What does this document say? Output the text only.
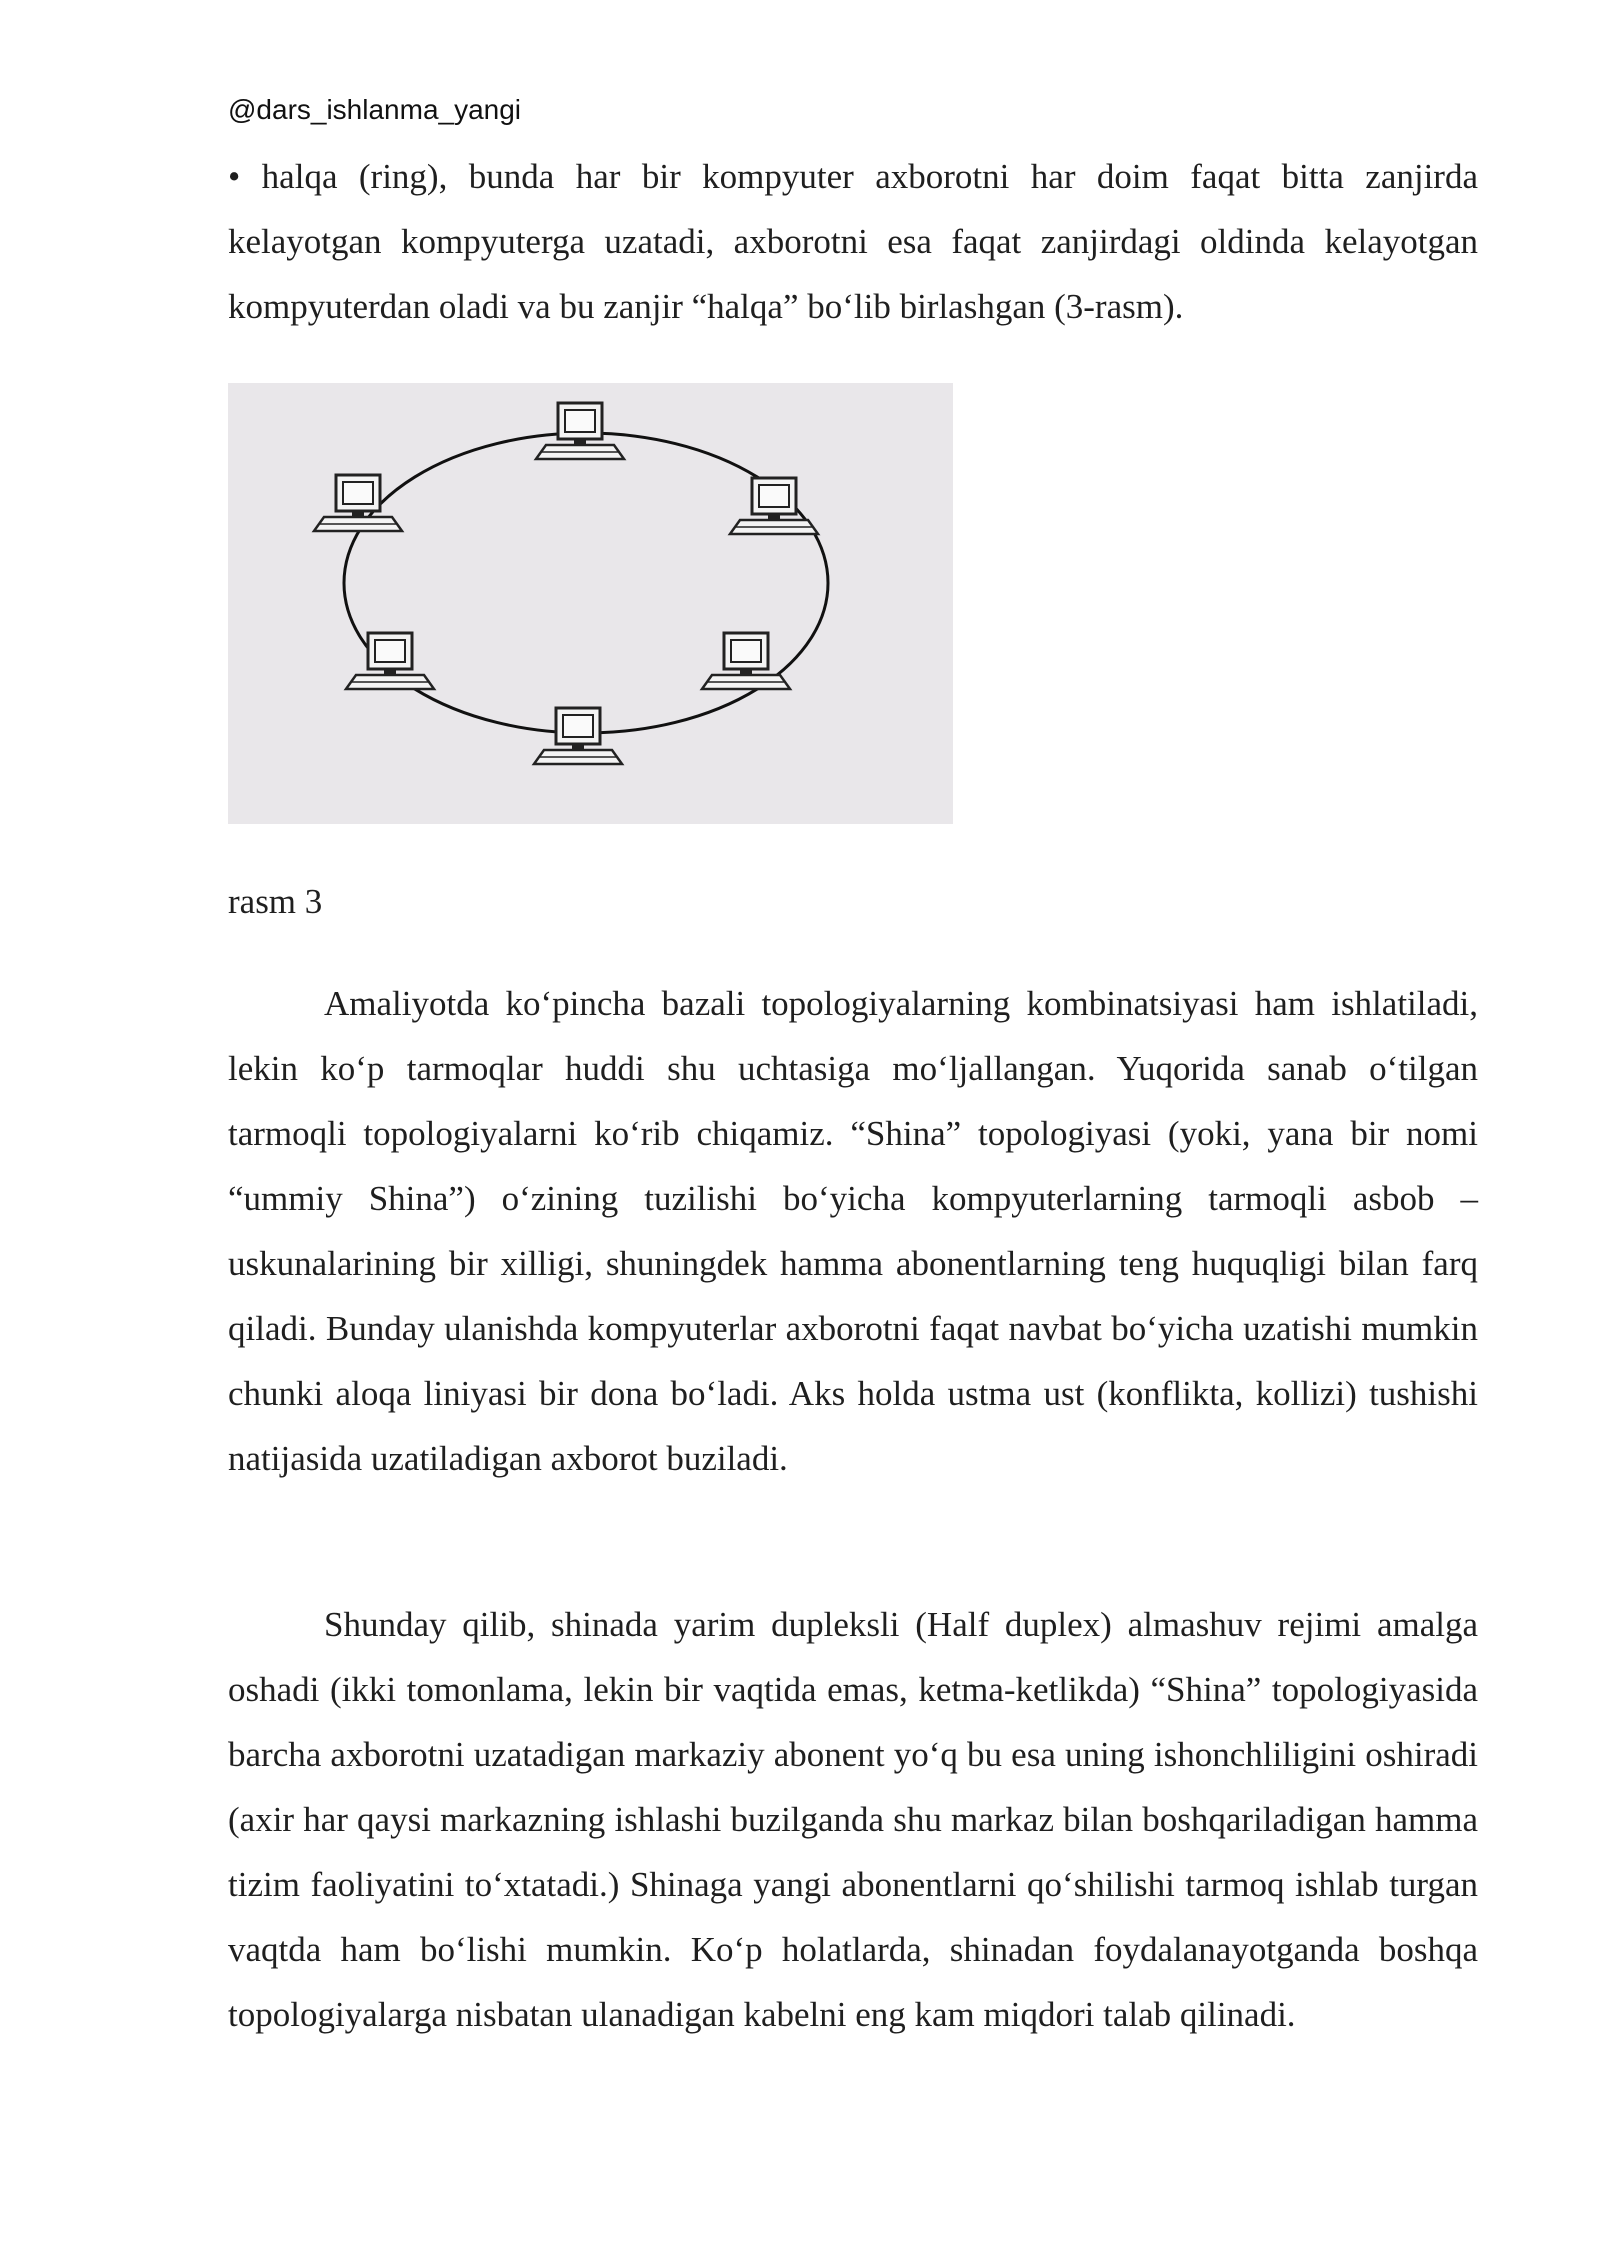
@dars_ishlanma_yangi

• halqa (ring), bunda har bir kompyuter axborotni har doim faqat bitta zanjirda kelayotgan kompyuterga uzatadi, axborotni esa faqat zanjirdagi oldinda kelayotgan kompyuterdan oladi va bu zanjir “halqa” bo‘lib birlashgan (3-rasm).

rasm 3

Amaliyotda ko‘pincha bazali topologiyalarning kombinatsiyasi ham ishlatiladi, lekin ko‘p tarmoqlar huddi shu uchtasiga mo‘ljallangan. Yuqorida sanab o‘tilgan tarmoqli topologiyalarni ko‘rib chiqamiz. “Shina” topologiyasi (yoki, yana bir nomi “ummiy Shina”) o‘zining tuzilishi bo‘yicha kompyuterlarning tarmoqli asbob – uskunalarining bir xilligi, shuningdek hamma abonentlarning teng huquqligi bilan farq qiladi. Bunday ulanishda kompyuterlar axborotni faqat navbat bo‘yicha uzatishi mumkin chunki aloqa liniyasi bir dona bo‘ladi. Aks holda ustma ust (konflikta, kollizi) tushishi natijasida uzatiladigan axborot buziladi.

Shunday qilib, shinada yarim dupleksli (Half duplex) almashuv rejimi amalga oshadi (ikki tomonlama, lekin bir vaqtida emas, ketma-ketlikda) “Shina” topologiyasida barcha axborotni uzatadigan markaziy abonent yo‘q bu esa uning ishonchliligini oshiradi (axir har qaysi markazning ishlashi buzilganda shu markaz bilan boshqariladigan hamma tizim faoliyatini to‘xtatadi.) Shinaga yangi abonentlarni qo‘shilishi tarmoq ishlab turgan vaqtda ham bo‘lishi mumkin. Ko‘p holatlarda, shinadan foydalanayotganda boshqa topologiyalarga nisbatan ulanadigan kabelni eng kam miqdori talab qilinadi.
